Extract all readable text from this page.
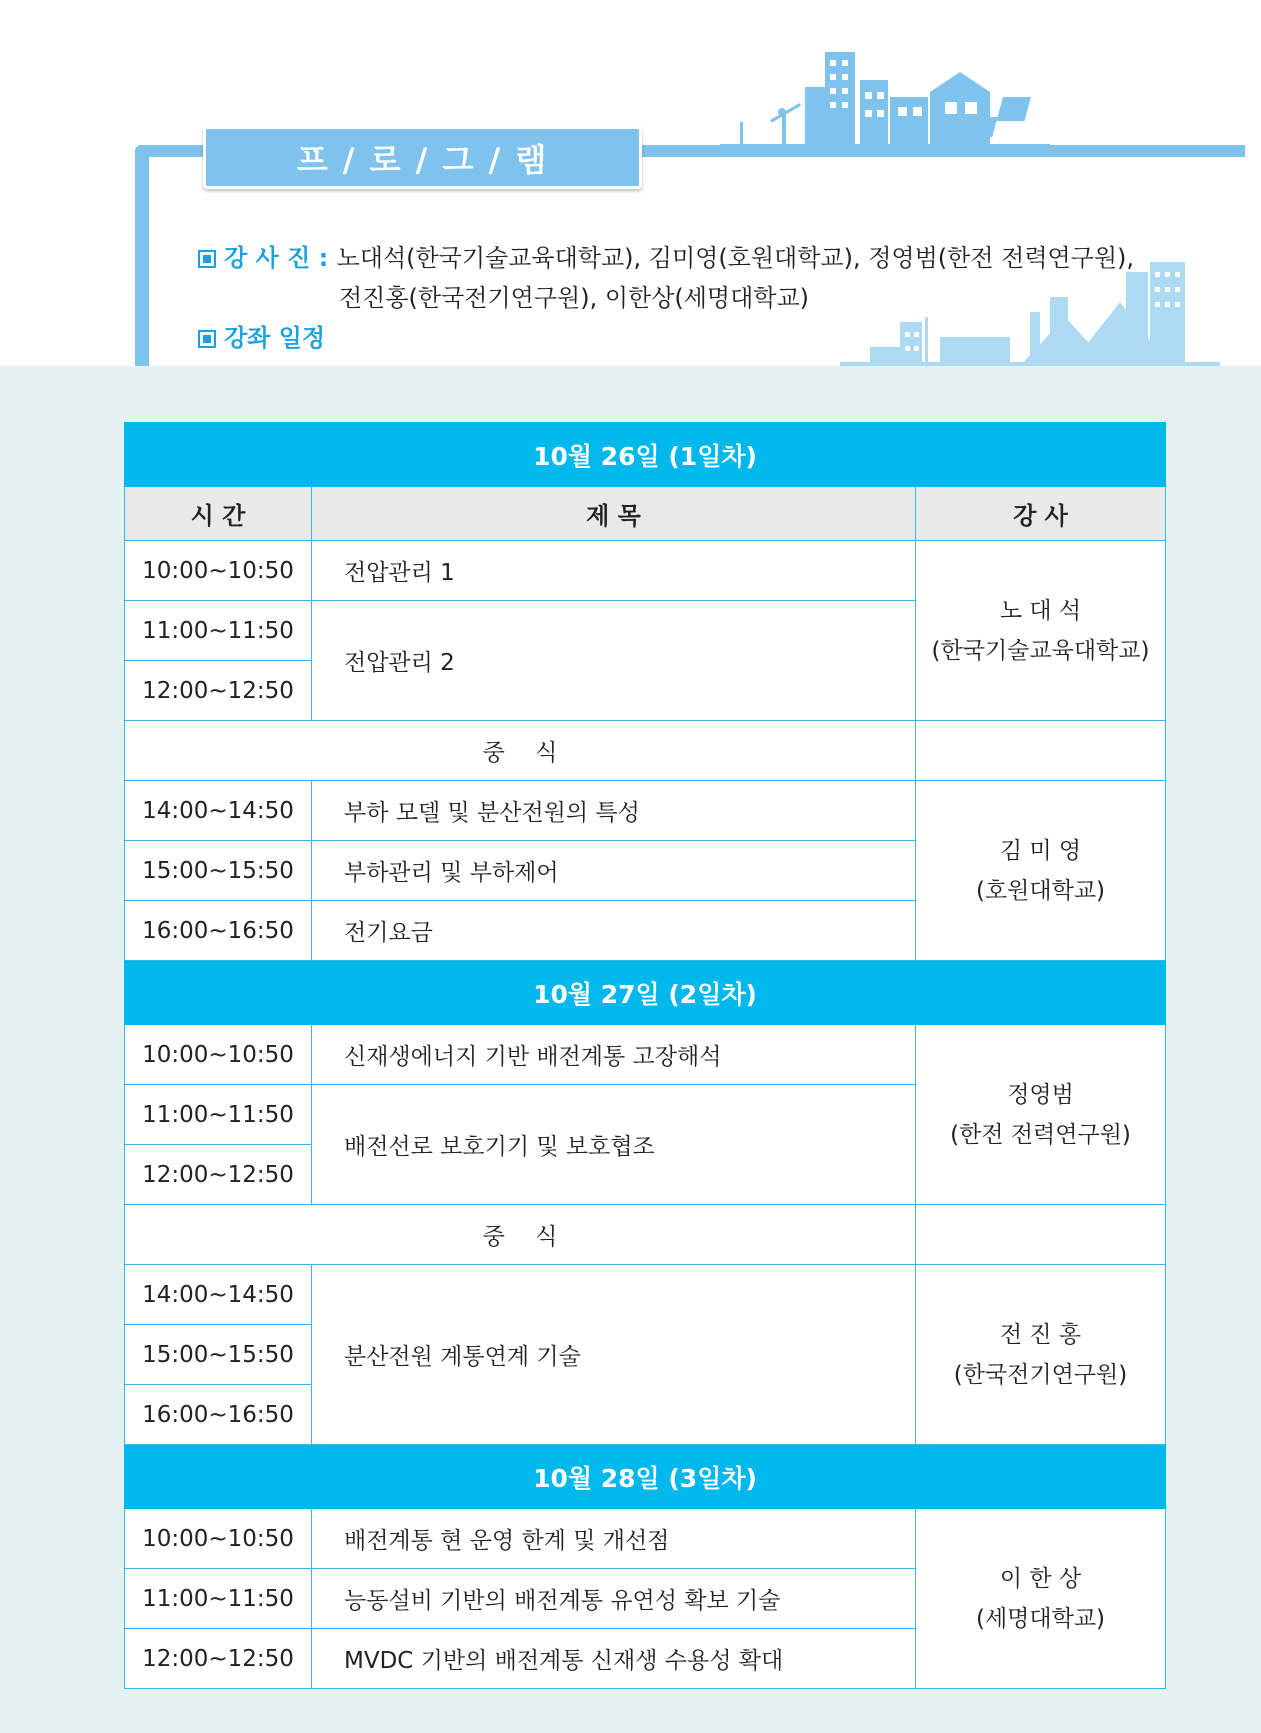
프 / 로 / 그 / 램
강 사 진 : 노대석(한국기술교육대학교), 김미영(호원대학교), 정영범(한전 전력연구원),
전진홍(한국전기연구원), 이한상(세명대학교)
강좌 일정
10월 26일 (1일차)		
시 간	제 목	강 사
10:00~10:50	전압관리 1	노 대 석
(한국기술교육대학교)

11:00~11:50	전압관리 2	
12:00~12:50		
중　 식		
14:00~14:50	부하 모델 및 분산전원의 특성	김 미 영
(호원대학교)

15:00~15:50	부하관리 및 부하제어	
16:00~16:50	전기요금	
10월 27일 (2일차)		
10:00~10:50	신재생에너지 기반 배전계통 고장해석	정영범
(한전 전력연구원)

11:00~11:50	배전선로 보호기기 및 보호협조	
12:00~12:50		
중　 식		
14:00~14:50	분산전원 계통연계 기술	전 진 홍
(한국전기연구원)

15:00~15:50		
16:00~16:50		
10월 28일 (3일차)		
10:00~10:50	배전계통 현 운영 한계 및 개선점	이 한 상
(세명대학교)

11:00~11:50	능동설비 기반의 배전계통 유연성 확보 기술	
12:00~12:50	MVDC 기반의 배전계통 신재생 수용성 확대	
